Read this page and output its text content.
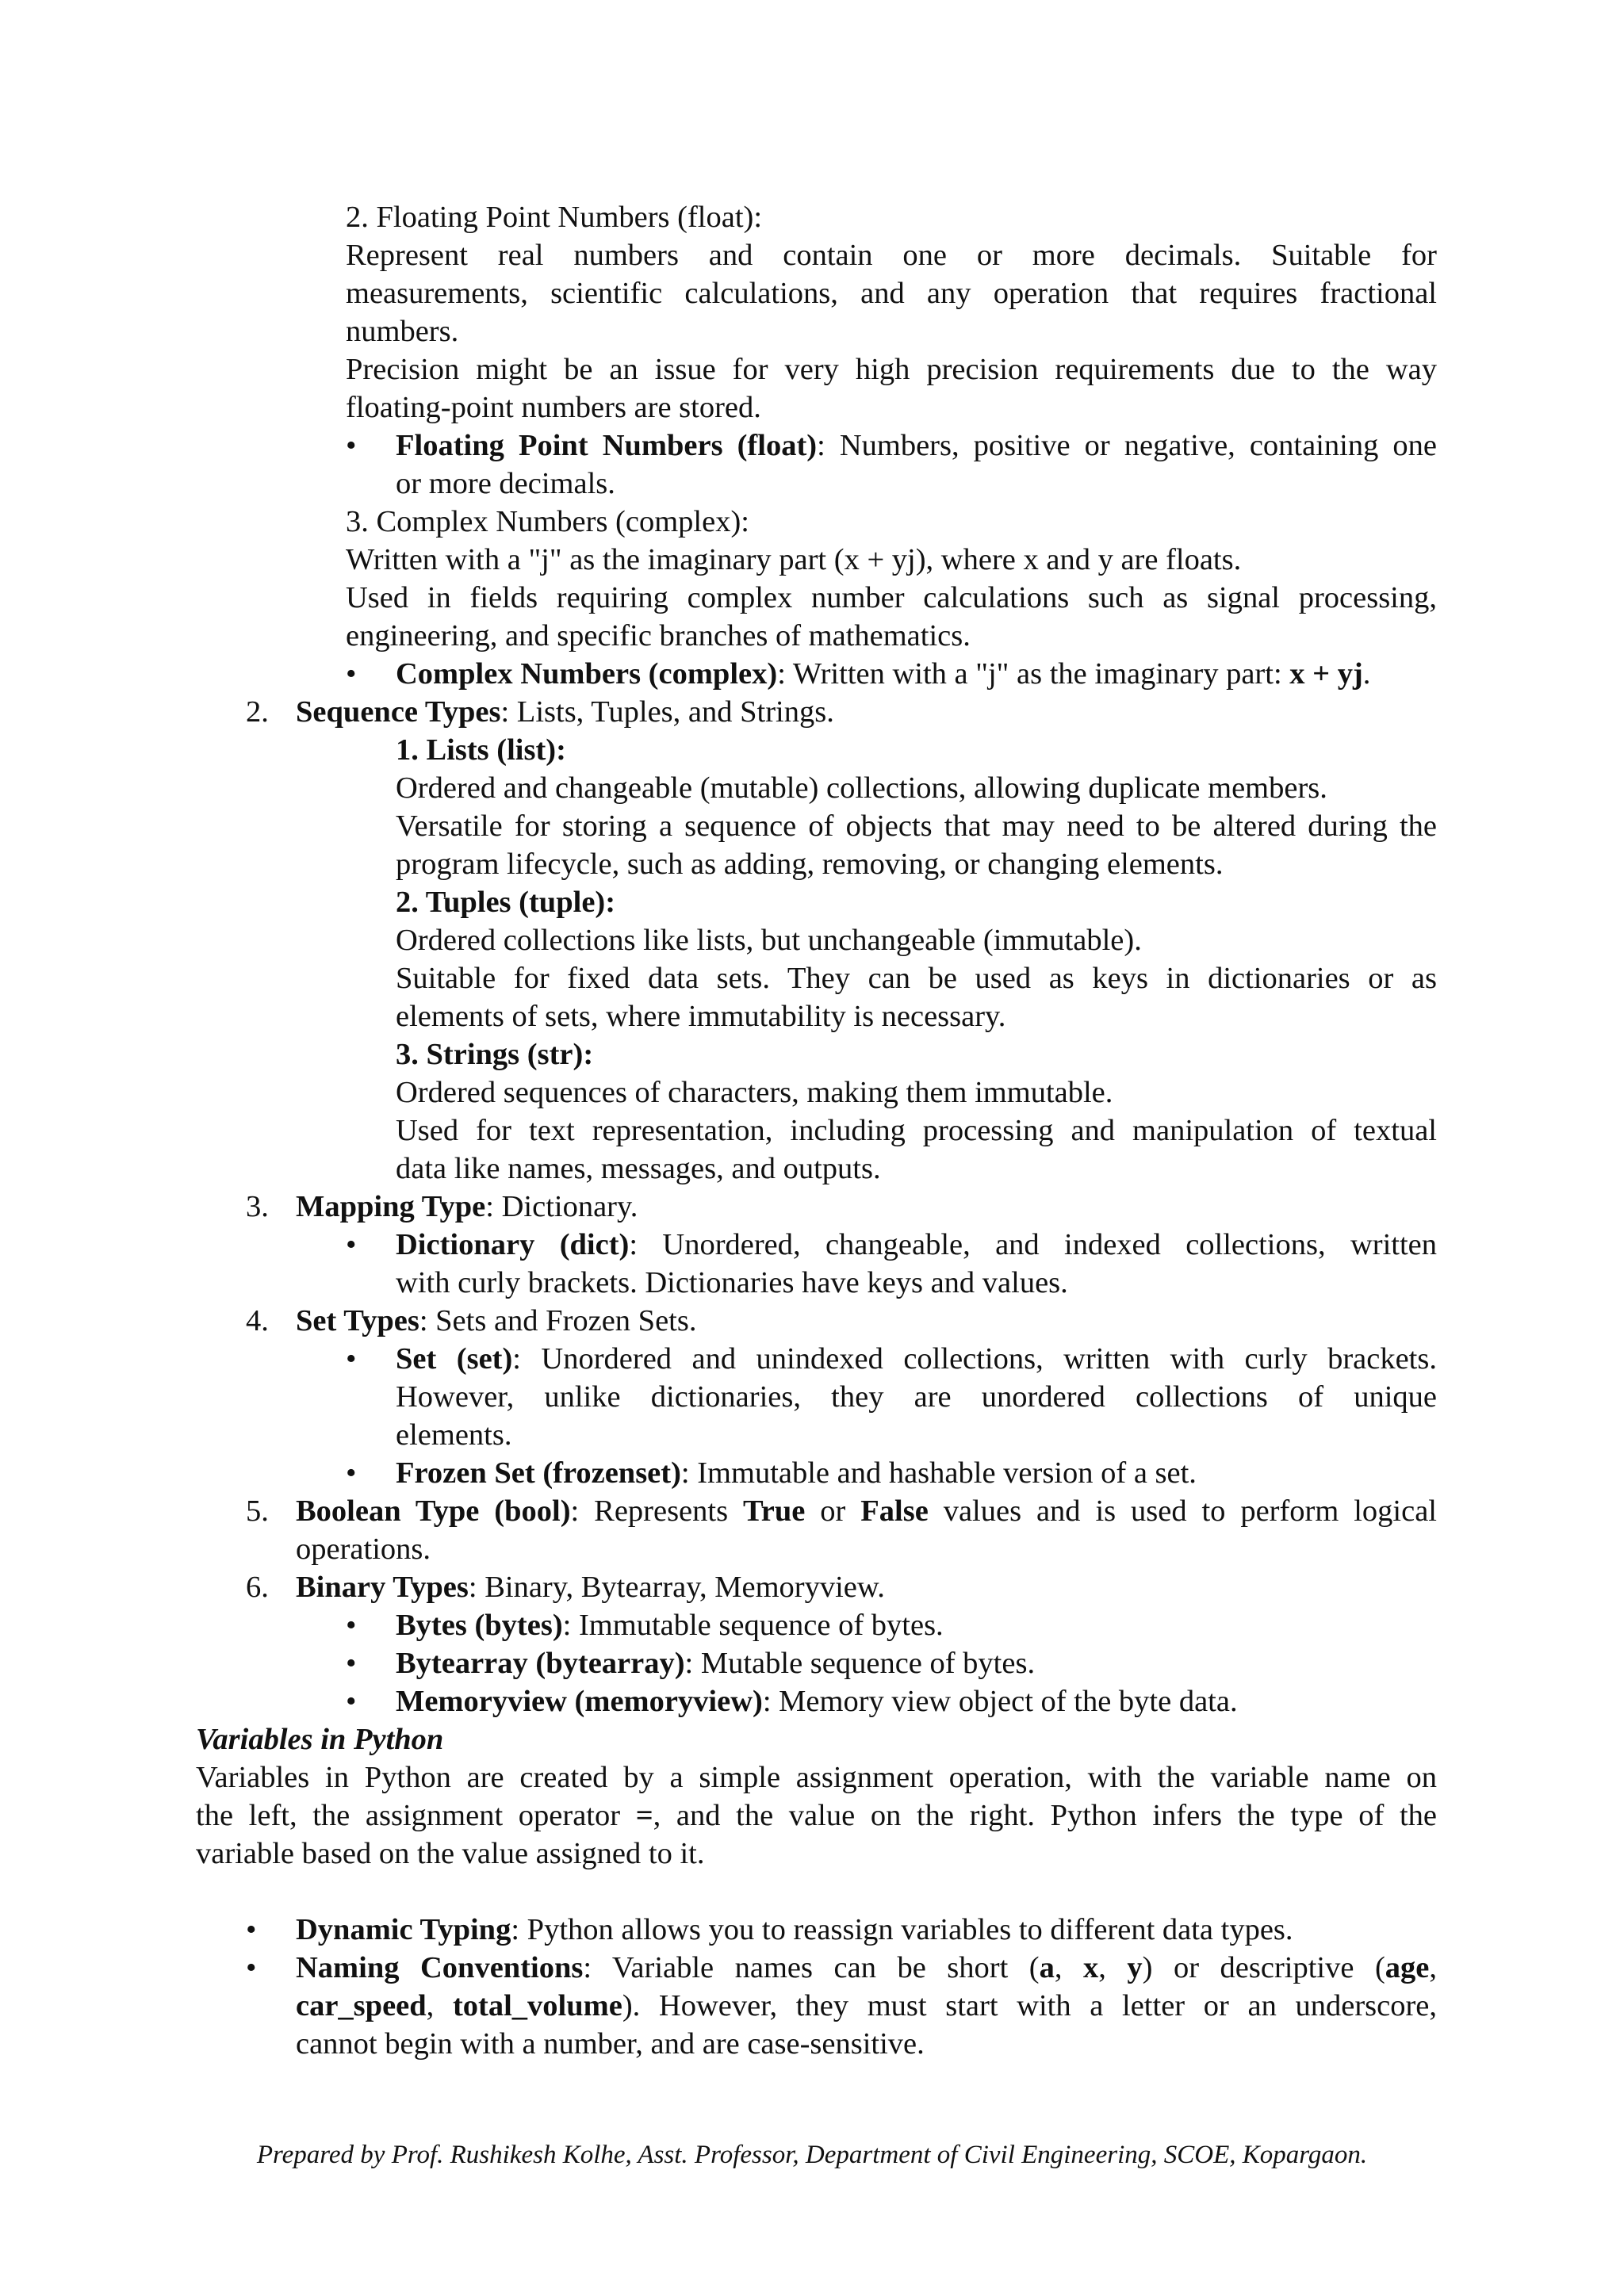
2. Floating Point Numbers (float):
Represent real numbers and contain one or more decimals. Suitable for
measurements, scientific calculations, and any operation that requires fractional
numbers.
Precision might be an issue for very high precision requirements due to the way
floating-point numbers are stored.
• Floating Point Numbers (float): Numbers, positive or negative, containing one
or more decimals.
3. Complex Numbers (complex):
Written with a "j" as the imaginary part (x + yj), where x and y are floats.
Used in fields requiring complex number calculations such as signal processing,
engineering, and specific branches of mathematics.
• Complex Numbers (complex): Written with a "j" as the imaginary part: x + yj.
2. Sequence Types: Lists, Tuples, and Strings.
1. Lists (list):
Ordered and changeable (mutable) collections, allowing duplicate members.
Versatile for storing a sequence of objects that may need to be altered during the
program lifecycle, such as adding, removing, or changing elements.
2. Tuples (tuple):
Ordered collections like lists, but unchangeable (immutable).
Suitable for fixed data sets. They can be used as keys in dictionaries or as
elements of sets, where immutability is necessary.
3. Strings (str):
Ordered sequences of characters, making them immutable.
Used for text representation, including processing and manipulation of textual
data like names, messages, and outputs.
3. Mapping Type: Dictionary.
• Dictionary (dict): Unordered, changeable, and indexed collections, written
with curly brackets. Dictionaries have keys and values.
4. Set Types: Sets and Frozen Sets.
• Set (set): Unordered and unindexed collections, written with curly brackets.
However, unlike dictionaries, they are unordered collections of unique
elements.
• Frozen Set (frozenset): Immutable and hashable version of a set.
5. Boolean Type (bool): Represents True or False values and is used to perform logical
operations.
6. Binary Types: Binary, Bytearray, Memoryview.
• Bytes (bytes): Immutable sequence of bytes.
• Bytearray (bytearray): Mutable sequence of bytes.
• Memoryview (memoryview): Memory view object of the byte data.
Variables in Python
Variables in Python are created by a simple assignment operation, with the variable name on
the left, the assignment operator =, and the value on the right. Python infers the type of the
variable based on the value assigned to it.
• Dynamic Typing: Python allows you to reassign variables to different data types.
• Naming Conventions: Variable names can be short (a, x, y) or descriptive (age,
car_speed, total_volume). However, they must start with a letter or an underscore,
cannot begin with a number, and are case-sensitive.
Prepared by Prof. Rushikesh Kolhe, Asst. Professor, Department of Civil Engineering, SCOE, Kopargaon.
